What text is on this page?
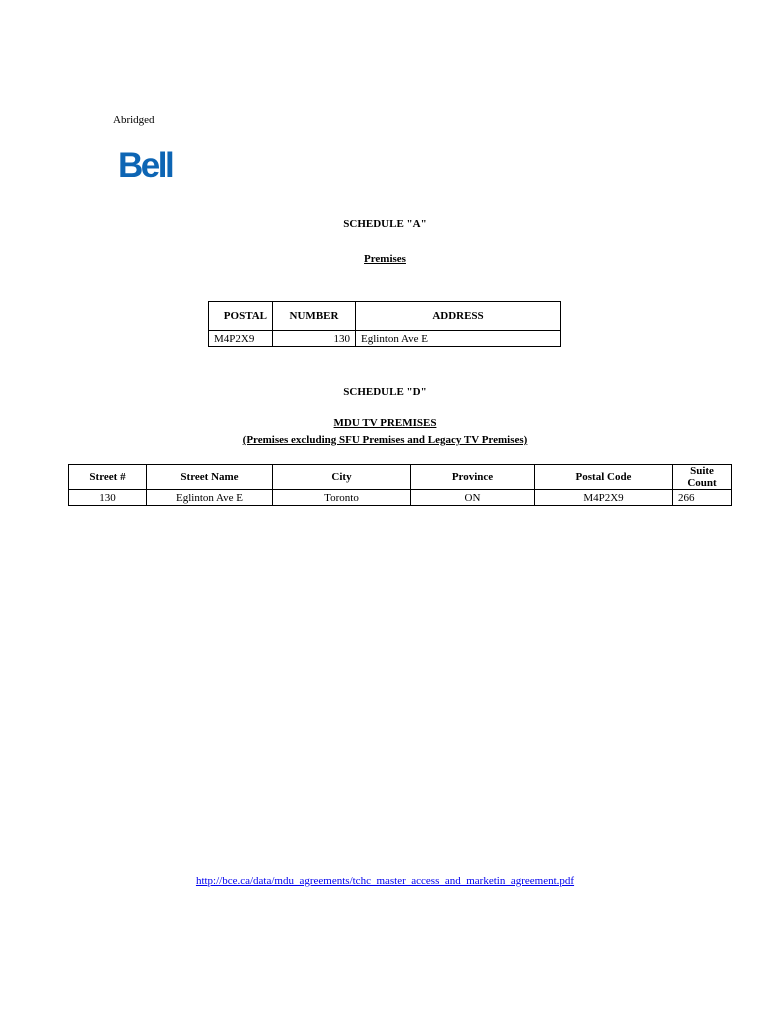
Abridged
Bell
SCHEDULE "A"
Premises
POSTAL	NUMBER	ADDRESS
M4P2X9	130	Eglinton Ave E
SCHEDULE "D"
MDU TV PREMISES
(Premises excluding SFU Premises and Legacy TV Premises)
Street #	Street Name	City	Province	Postal Code	Suite Count
130	Eglinton Ave E	Toronto	ON	M4P2X9	266
http://bce.ca/data/mdu_agreements/tchc_master_access_and_marketin_agreement.pdf
